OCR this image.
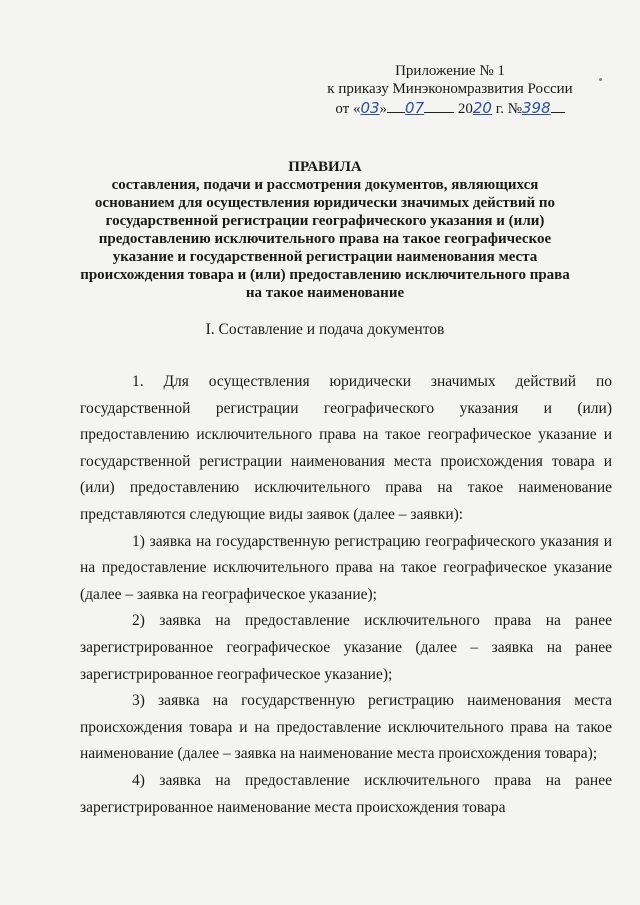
Приложение № 1
к приказу Минэкономразвития России
от «03» 07 2020 г. №398
ПРАВИЛА
составления, подачи и рассмотрения документов, являющихся основанием для осуществления юридически значимых действий по государственной регистрации географического указания и (или) предоставлению исключительного права на такое географическое указание и государственной регистрации наименования места происхождения товара и (или) предоставлению исключительного права на такое наименование
I. Составление и подача документов

1. Для осуществления юридически значимых действий по государственной регистрации географического указания и (или) предоставлению исключительного права на такое географическое указание и государственной регистрации наименования места происхождения товара и (или) предоставлению исключительного права на такое наименование представляются следующие виды заявок (далее – заявки):

1) заявка на государственную регистрацию географического указания и на предоставление исключительного права на такое географическое указание (далее – заявка на географическое указание);

2) заявка на предоставление исключительного права на ранее зарегистрированное географическое указание (далее – заявка на ранее зарегистрированное географическое указание);

3) заявка на государственную регистрацию наименования места происхождения товара и на предоставление исключительного права на такое наименование (далее – заявка на наименование места происхождения товара);

4) заявка на предоставление исключительного права на ранее зарегистрированное наименование места происхождения товара
